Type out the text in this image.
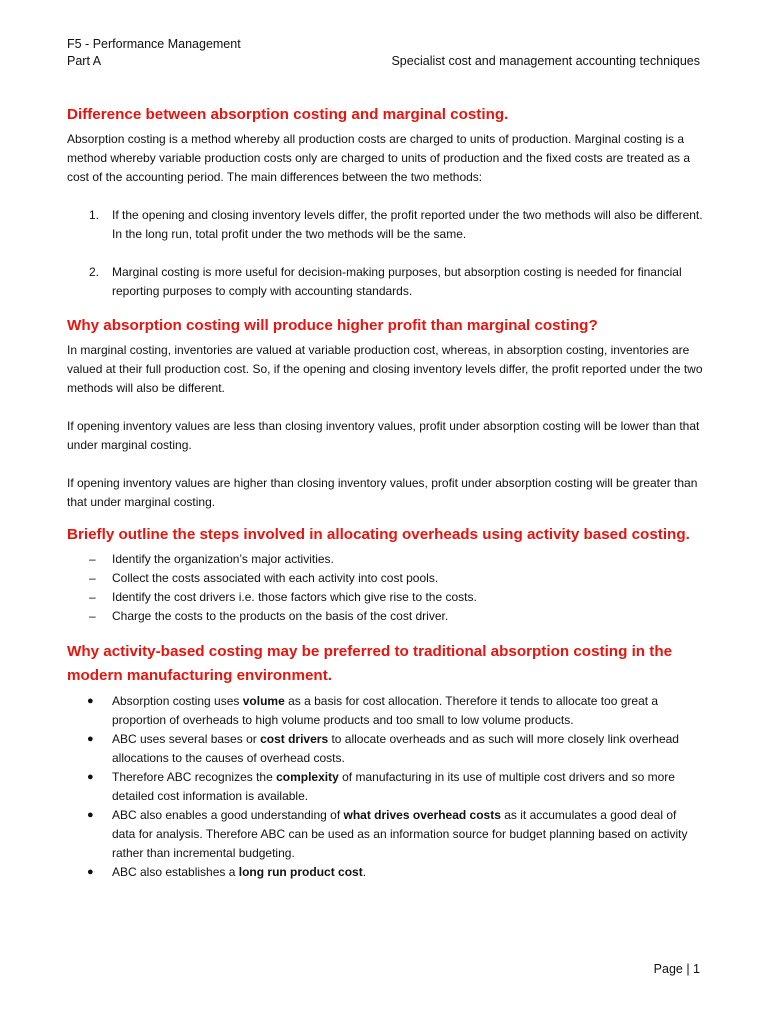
F5 - Performance Management
Part A	Specialist cost and management accounting techniques
Difference between absorption costing and marginal costing.

Absorption costing is a method whereby all production costs are charged to units of production. Marginal costing is a method whereby variable production costs only are charged to units of production and the fixed costs are treated as a cost of the accounting period. The main differences between the two methods:

1. If the opening and closing inventory levels differ, the profit reported under the two methods will also be different. In the long run, total profit under the two methods will be the same.
2. Marginal costing is more useful for decision-making purposes, but absorption costing is needed for financial reporting purposes to comply with accounting standards.
Why absorption costing will produce higher profit than marginal costing?

In marginal costing, inventories are valued at variable production cost, whereas, in absorption costing, inventories are valued at their full production cost. So, if the opening and closing inventory levels differ, the profit reported under the two methods will also be different.

If opening inventory values are less than closing inventory values, profit under absorption costing will be lower than that under marginal costing.

If opening inventory values are higher than closing inventory values, profit under absorption costing will be greater than that under marginal costing.

Briefly outline the steps involved in allocating overheads using activity based costing.
– Identify the organization’s major activities.
– Collect the costs associated with each activity into cost pools.
– Identify the cost drivers i.e. those factors which give rise to the costs.
– Charge the costs to the products on the basis of the cost driver.
Why activity-based costing may be preferred to traditional absorption costing in the modern manufacturing environment.
● Absorption costing uses volume as a basis for cost allocation. Therefore it tends to allocate too great a proportion of overheads to high volume products and too small to low volume products.
● ABC uses several bases or cost drivers to allocate overheads and as such will more closely link overhead allocations to the causes of overhead costs.
● Therefore ABC recognizes the complexity of manufacturing in its use of multiple cost drivers and so more detailed cost information is available.
● ABC also enables a good understanding of what drives overhead costs as it accumulates a good deal of data for analysis. Therefore ABC can be used as an information source for budget planning based on activity rather than incremental budgeting.
● ABC also establishes a long run product cost.
Page | 1
